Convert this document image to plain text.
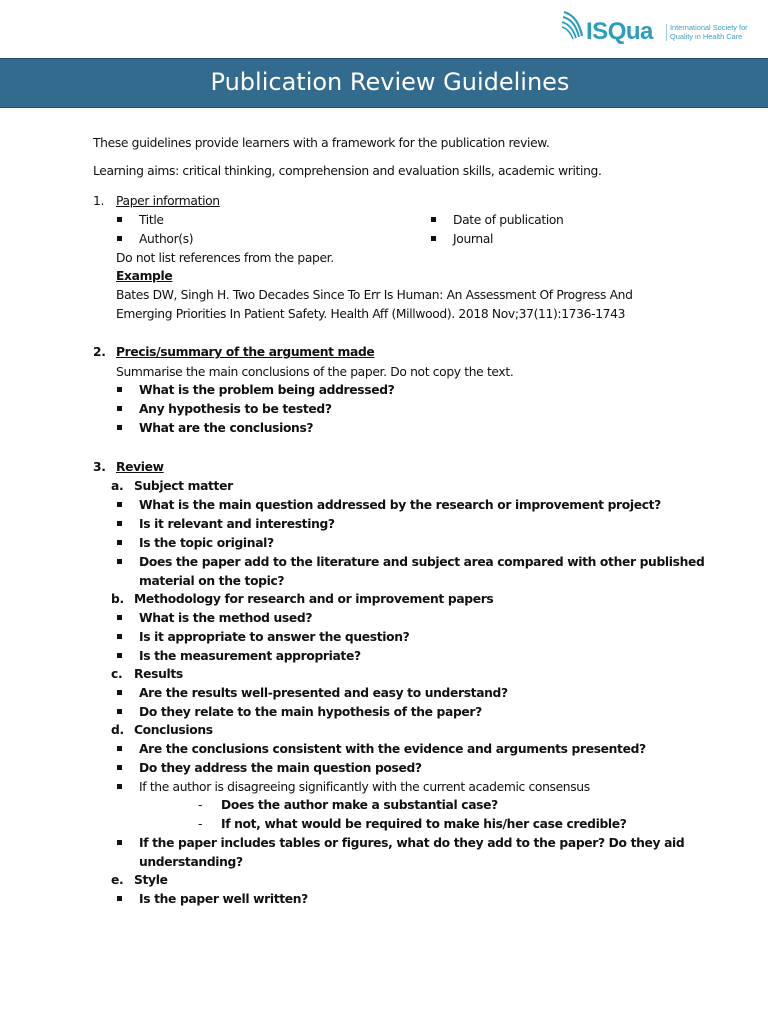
ISQua International Society for
Quality in Health Care
Publication Review Guidelines
These guidelines provide learners with a framework for the publication review.
Learning aims: critical thinking, comprehension and evaluation skills, academic writing.
1. Paper information
Title
Author(s)
Date of publication
Journal
Do not list references from the paper.
Example
Bates DW, Singh H. Two Decades Since To Err Is Human: An Assessment Of Progress And
Emerging Priorities In Patient Safety. Health Aff (Millwood). 2018 Nov;37(11):1736-1743
2. Precis/summary of the argument made
Summarise the main conclusions of the paper. Do not copy the text.
What is the problem being addressed?
Any hypothesis to be tested?
What are the conclusions?
3. Review
a. Subject matter
What is the main question addressed by the research or improvement project?
Is it relevant and interesting?
Is the topic original?
Does the paper add to the literature and subject area compared with other published
material on the topic?
b. Methodology for research and or improvement papers
What is the method used?
Is it appropriate to answer the question?
Is the measurement appropriate?
c. Results
Are the results well-presented and easy to understand?
Do they relate to the main hypothesis of the paper?
d. Conclusions
Are the conclusions consistent with the evidence and arguments presented?
Do they address the main question posed?
If the author is disagreeing significantly with the current academic consensus
- Does the author make a substantial case?
- If not, what would be required to make his/her case credible?
If the paper includes tables or figures, what do they add to the paper? Do they aid
understanding?
e. Style
Is the paper well written?
